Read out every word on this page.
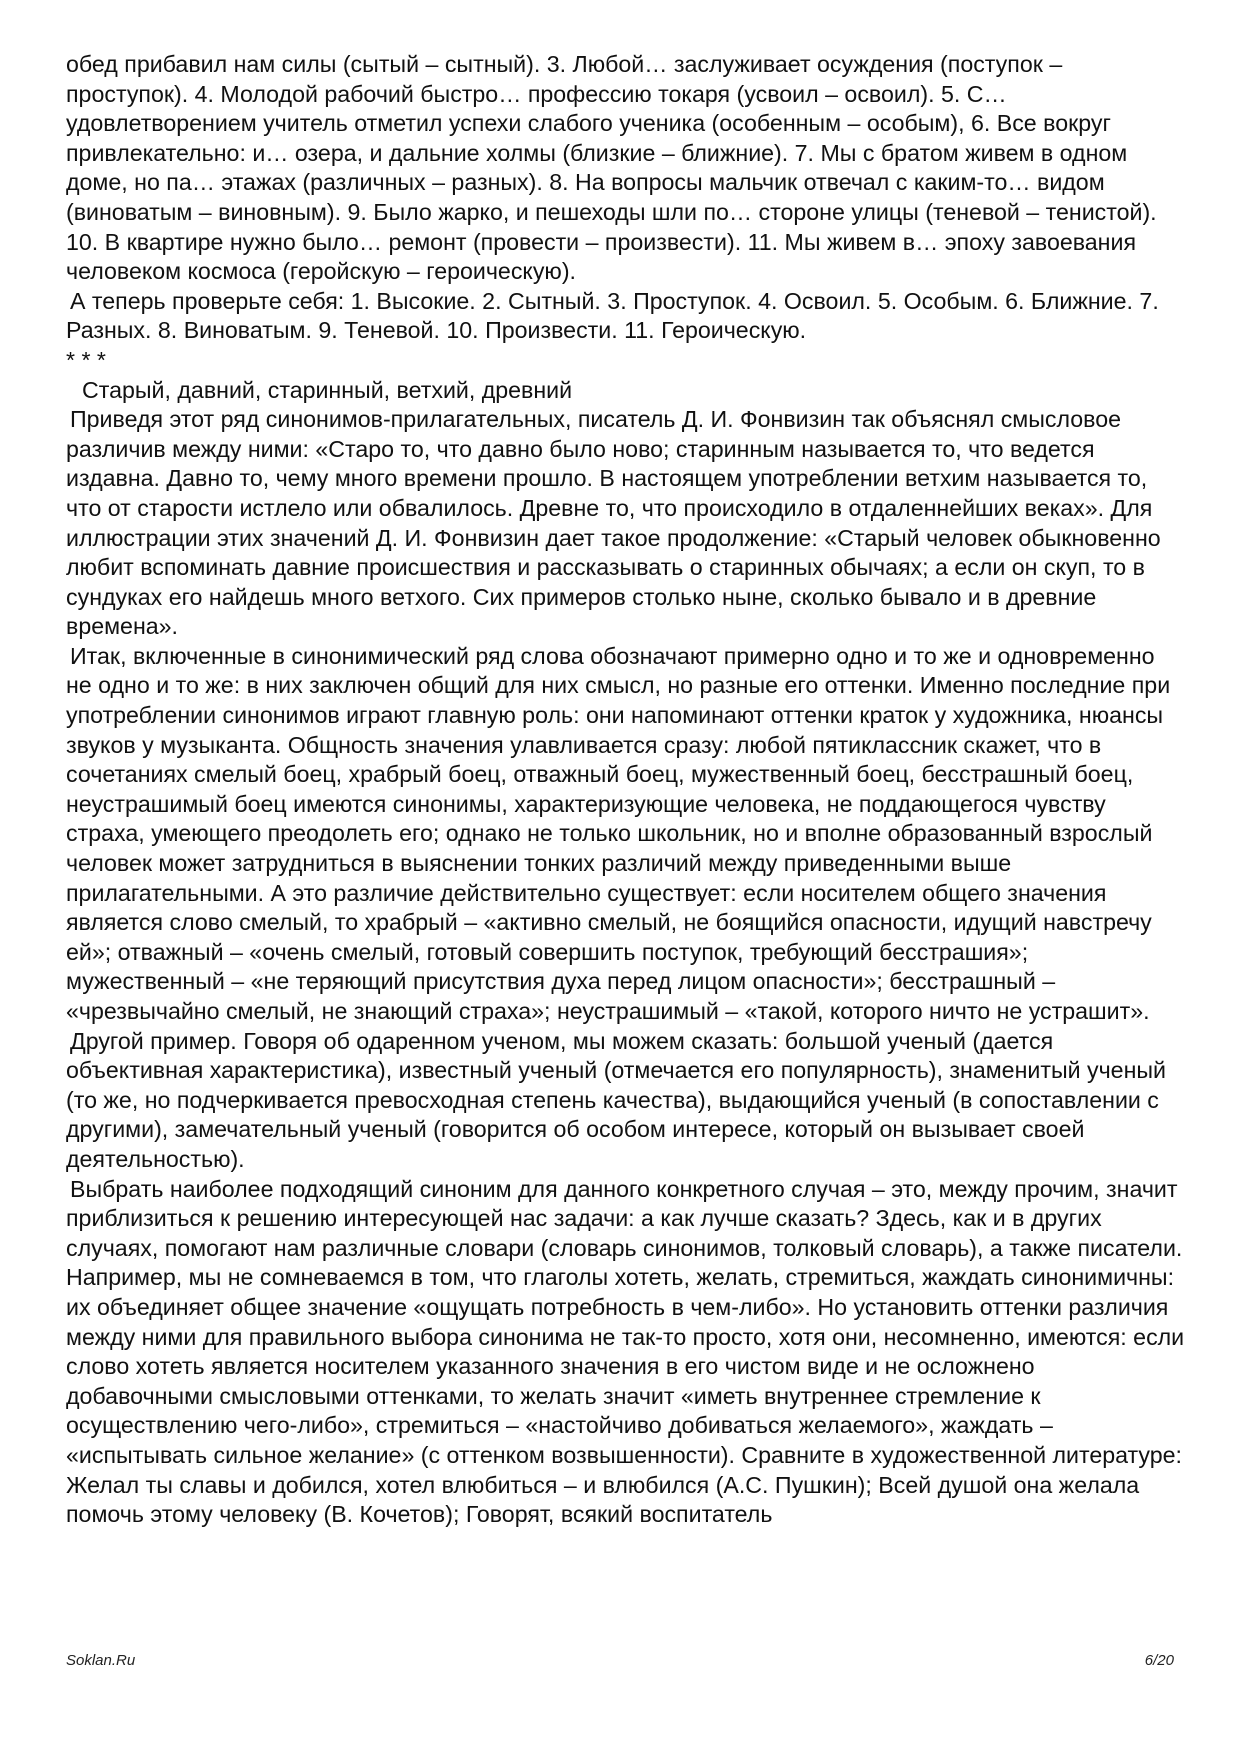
обед прибавил нам силы (сытый – сытный). 3. Любой… заслуживает осуждения (поступок – проступок). 4. Молодой рабочий быстро… профессию токаря (усвоил – освоил). 5. С… удовлетворением учитель отметил успехи слабого ученика (особенным – особым), 6. Все вокруг привлекательно: и… озера, и дальние холмы (близкие – ближние). 7. Мы с братом живем в одном доме, но па… этажах (различных – разных). 8. На вопросы мальчик отвечал с каким-то… видом (виноватым – виновным). 9. Было жарко, и пешеходы шли по… стороне улицы (теневой – тенистой). 10. В квартире нужно было… ремонт (провести – произвести). 11. Мы живем в… эпоху завоевания человеком космоса (геройскую – героическую).

А теперь проверьте себя: 1. Высокие. 2. Сытный. 3. Проступок. 4. Освоил. 5. Особым. 6. Ближние. 7. Разных. 8. Виноватым. 9. Теневой. 10. Произвести. 11. Героическую.

* * *

Старый, давний, старинный, ветхий, древний

Приведя этот ряд синонимов-прилагательных, писатель Д. И. Фонвизин так объяснял смысловое различив между ними: «Старо то, что давно было ново; старинным называется то, что ведется издавна. Давно то, чему много времени прошло. В настоящем употреблении ветхим называется то, что от старости истлело или обвалилось. Древне то, что происходило в отдаленнейших веках». Для иллюстрации этих значений Д. И. Фонвизин дает такое продолжение: «Старый человек обыкновенно любит вспоминать давние происшествия и рассказывать о старинных обычаях; а если он скуп, то в сундуках его найдешь много ветхого. Сих примеров столько ныне, сколько бывало и в древние времена».

Итак, включенные в синонимический ряд слова обозначают примерно одно и то же и одновременно не одно и то же: в них заключен общий для них смысл, но разные его оттенки. Именно последние при употреблении синонимов играют главную роль: они напоминают оттенки краток у художника, нюансы звуков у музыканта. Общность значения улавливается сразу: любой пятиклассник скажет, что в сочетаниях смелый боец, храбрый боец, отважный боец, мужественный боец, бесстрашный боец, неустрашимый боец имеются синонимы, характеризующие человека, не поддающегося чувству страха, умеющего преодолеть его; однако не только школьник, но и вполне образованный взрослый человек может затрудниться в выяснении тонких различий между приведенными выше прилагательными. А это различие действительно существует: если носителем общего значения является слово смелый, то храбрый – «активно смелый, не боящийся опасности, идущий навстречу ей»; отважный – «очень смелый, готовый совершить поступок, требующий бесстрашия»; мужественный – «не теряющий присутствия духа перед лицом опасности»; бесстрашный – «чрезвычайно смелый, не знающий страха»; неустрашимый – «такой, которого ничто не устрашит».

Другой пример. Говоря об одаренном ученом, мы можем сказать: большой ученый (дается объективная характеристика), известный ученый (отмечается его популярность), знаменитый ученый (то же, но подчеркивается превосходная степень качества), выдающийся ученый (в сопоставлении с другими), замечательный ученый (говорится об особом интересе, который он вызывает своей деятельностью).

Выбрать наиболее подходящий синоним для данного конкретного случая – это, между прочим, значит приблизиться к решению интересующей нас задачи: а как лучше сказать? Здесь, как и в других случаях, помогают нам различные словари (словарь синонимов, толковый словарь), а также писатели. Например, мы не сомневаемся в том, что глаголы хотеть, желать, стремиться, жаждать синонимичны: их объединяет общее значение «ощущать потребность в чем-либо». Но установить оттенки различия между ними для правильного выбора синонима не так-то просто, хотя они, несомненно, имеются: если слово хотеть является носителем указанного значения в его чистом виде и не осложнено добавочными смысловыми оттенками, то желать значит «иметь внутреннее стремление к осуществлению чего-либо», стремиться – «настойчиво добиваться желаемого», жаждать – «испытывать сильное желание» (с оттенком возвышенности). Сравните в художественной литературе: Желал ты славы и добился, хотел влюбиться – и влюбился (А.С. Пушкин); Всей душой она желала помочь этому человеку (В. Кочетов); Говорят, всякий воспитатель

Soklan.Ru	6/20
